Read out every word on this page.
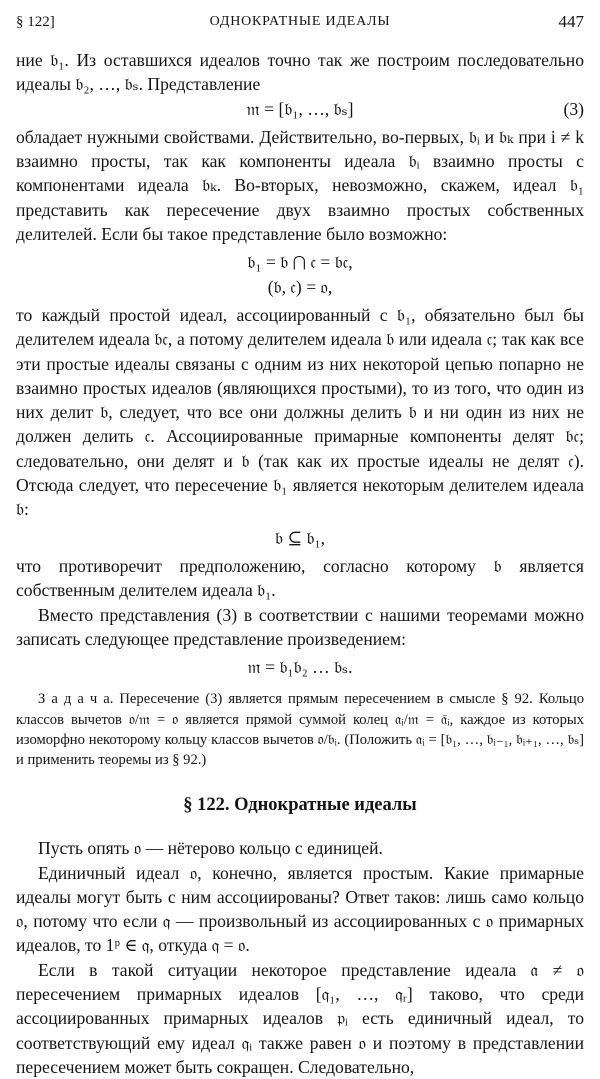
§ 122]	ОДНОКРАТНЫЕ ИДЕАЛЫ	447

ние 𝔟₁. Из оставшихся идеалов точно так же построим последовательно идеалы 𝔟₂, …, 𝔟ₛ. Представление

𝔪 = [𝔟₁, …, 𝔟ₛ]	(3)

обладает нужными свойствами. Действительно, во-первых, 𝔟ᵢ и 𝔟ₖ при i ≠ k взаимно просты, так как компоненты идеала 𝔟ᵢ взаимно просты с компонентами идеала 𝔟ₖ. Во-вторых, невозможно, скажем, идеал 𝔟₁ представить как пересечение двух взаимно простых собственных делителей. Если бы такое представление было возможно:

𝔟₁ = 𝔟 ⋂ 𝔠 = 𝔟𝔠,
(𝔟, 𝔠) = 𝔬,

то каждый простой идеал, ассоциированный с 𝔟₁, обязательно был бы делителем идеала 𝔟𝔠, а потому делителем идеала 𝔟 или идеала 𝔠; так как все эти простые идеалы связаны с одним из них некоторой цепью попарно не взаимно простых идеалов (являющихся простыми), то из того, что один из них делит 𝔟, следует, что все они должны делить 𝔟 и ни один из них не должен делить 𝔠. Ассоциированные примарные компоненты делят 𝔟𝔠; следовательно, они делят и 𝔟 (так как их простые идеалы не делят 𝔠). Отсюда следует, что пересечение 𝔟₁ является некоторым делителем идеала 𝔟:

𝔟 ⊆ 𝔟₁,

что противоречит предположению, согласно которому 𝔟 является собственным делителем идеала 𝔟₁.

Вместо представления (3) в соответствии с нашими теоремами можно записать следующее представление произведением:

𝔪 = 𝔟₁𝔟₂ … 𝔟ₛ.

З а д а ч а. Пересечение (3) является прямым пересечением в смысле § 92. Кольцо классов вычетов 𝔬/𝔪 = 𝔬 является прямой суммой колец 𝔞ᵢ/𝔪 = 𝔞̄ᵢ, каждое из которых изоморфно некоторому кольцу классов вычетов 𝔬/𝔟ᵢ. (Положить 𝔞ᵢ = [𝔟₁, …, 𝔟ᵢ₋₁, 𝔟ᵢ₊₁, …, 𝔟ₛ] и применить теоремы из § 92.)

§ 122. Однократные идеалы

Пусть опять 𝔬 — нётерово кольцо с единицей.

Единичный идеал 𝔬, конечно, является простым. Какие примарные идеалы могут быть с ним ассоциированы? Ответ таков: лишь само кольцо 𝔬, потому что если 𝔮 — произвольный из ассоциированных с 𝔬 примарных идеалов, то 1ᵖ ∈ 𝔮, откуда 𝔮 = 𝔬.

Если в такой ситуации некоторое представление идеала 𝔞 ≠ 𝔬 пересечением примарных идеалов [𝔮₁, …, 𝔮ᵣ] таково, что среди ассоциированных примарных идеалов 𝔭ᵢ есть единичный идеал, то соответствующий ему идеал 𝔮ᵢ также равен 𝔬 и поэтому в представлении пересечением может быть сокращен. Следовательно,
